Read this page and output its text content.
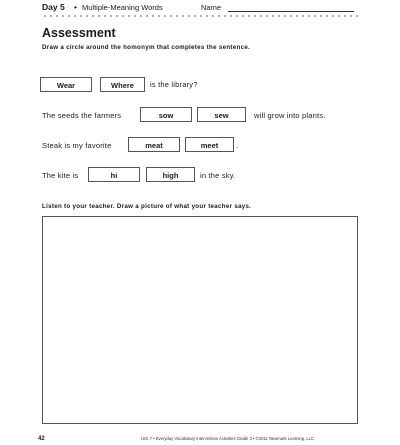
Day 5 • Multiple-Meaning Words	Name
Assessment
Draw a circle around the homonym that completes the sentence.
Wear	Where	is the library?
The seeds the farmers	sow	sew	will grow into plants.
Steak is my favorite	meat	meet	.
The kite is	hi	high	in the sky.
Listen to your teacher. Draw a picture of what your teacher says.
42	Unit 7 • Everyday Vocabulary Intervention Activities Grade 3 • ©2011 Newmark Learning, LLC
